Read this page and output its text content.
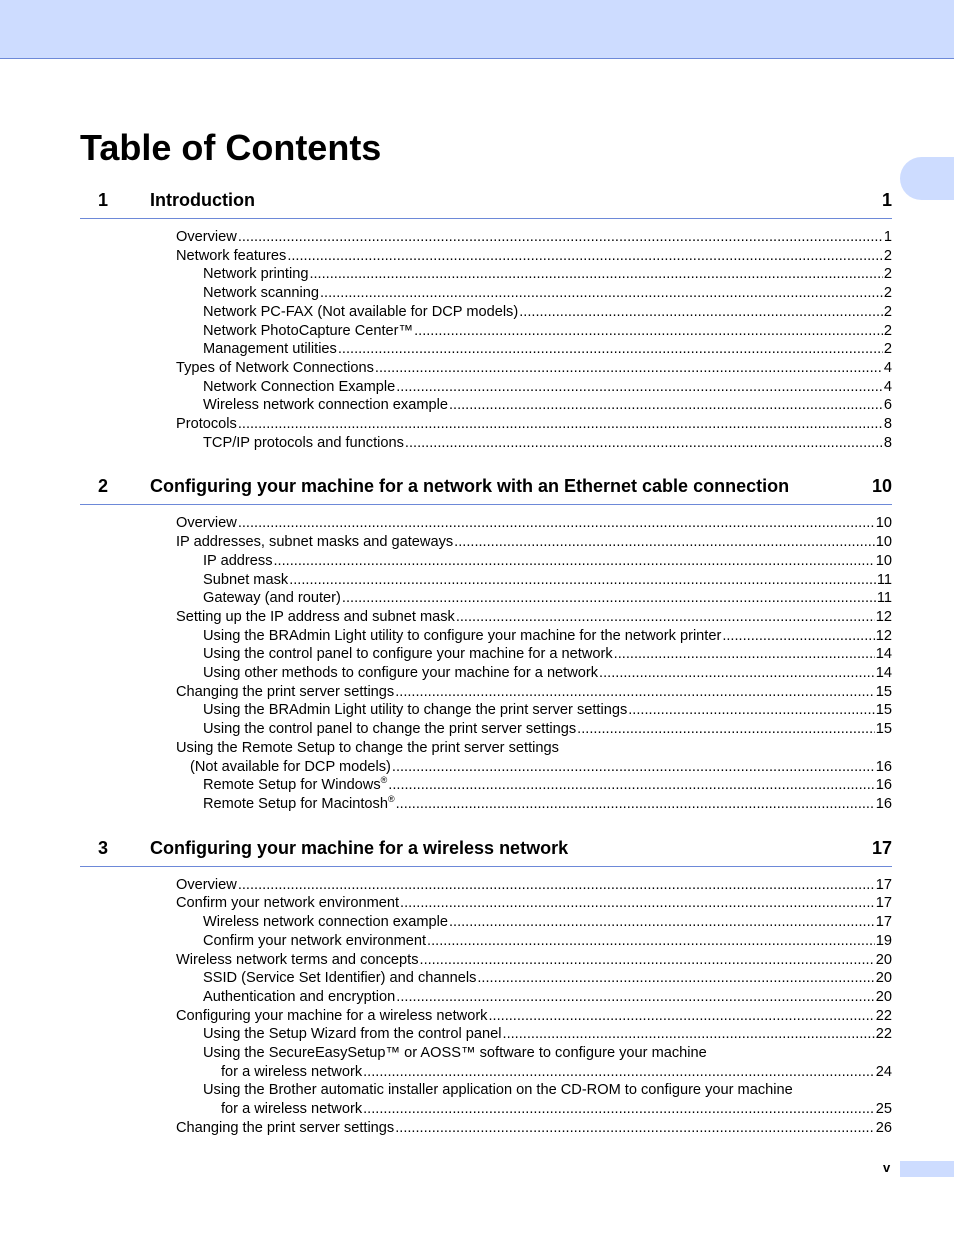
Table of Contents
1	Introduction	1
Overview .....	1
Network features .....	2
Network printing .....	2
Network scanning .....	2
Network PC-FAX (Not available for DCP models) .....	2
Network PhotoCapture Center™ .....	2
Management utilities .....	2
Types of Network Connections .....	4
Network Connection Example .....	4
Wireless network connection example .....	6
Protocols .....	8
TCP/IP protocols and functions .....	8
2	Configuring your machine for a network with an Ethernet cable connection	10
Overview .....	10
IP addresses, subnet masks and gateways .....	10
IP address .....	10
Subnet mask .....	11
Gateway (and router) .....	11
Setting up the IP address and subnet mask .....	12
Using the BRAdmin Light utility to configure your machine for the network printer .....	12
Using the control panel to configure your machine for a network .....	14
Using other methods to configure your machine for a network .....	14
Changing the print server settings .....	15
Using the BRAdmin Light utility to change the print server settings .....	15
Using the control panel to change the print server settings .....	15
Using the Remote Setup to change the print server settings
(Not available for DCP models) .....	16
Remote Setup for Windows® .....	16
Remote Setup for Macintosh® .....	16
3	Configuring your machine for a wireless network	17
Overview .....	17
Confirm your network environment .....	17
Wireless network connection example .....	17
Confirm your network environment .....	19
Wireless network terms and concepts .....	20
SSID (Service Set Identifier) and channels .....	20
Authentication and encryption .....	20
Configuring your machine for a wireless network .....	22
Using the Setup Wizard from the control panel .....	22
Using the SecureEasySetup™ or AOSS™ software to configure your machine
for a wireless network .....	24
Using the Brother automatic installer application on the CD-ROM to configure your machine
for a wireless network .....	25
Changing the print server settings .....	26
v
